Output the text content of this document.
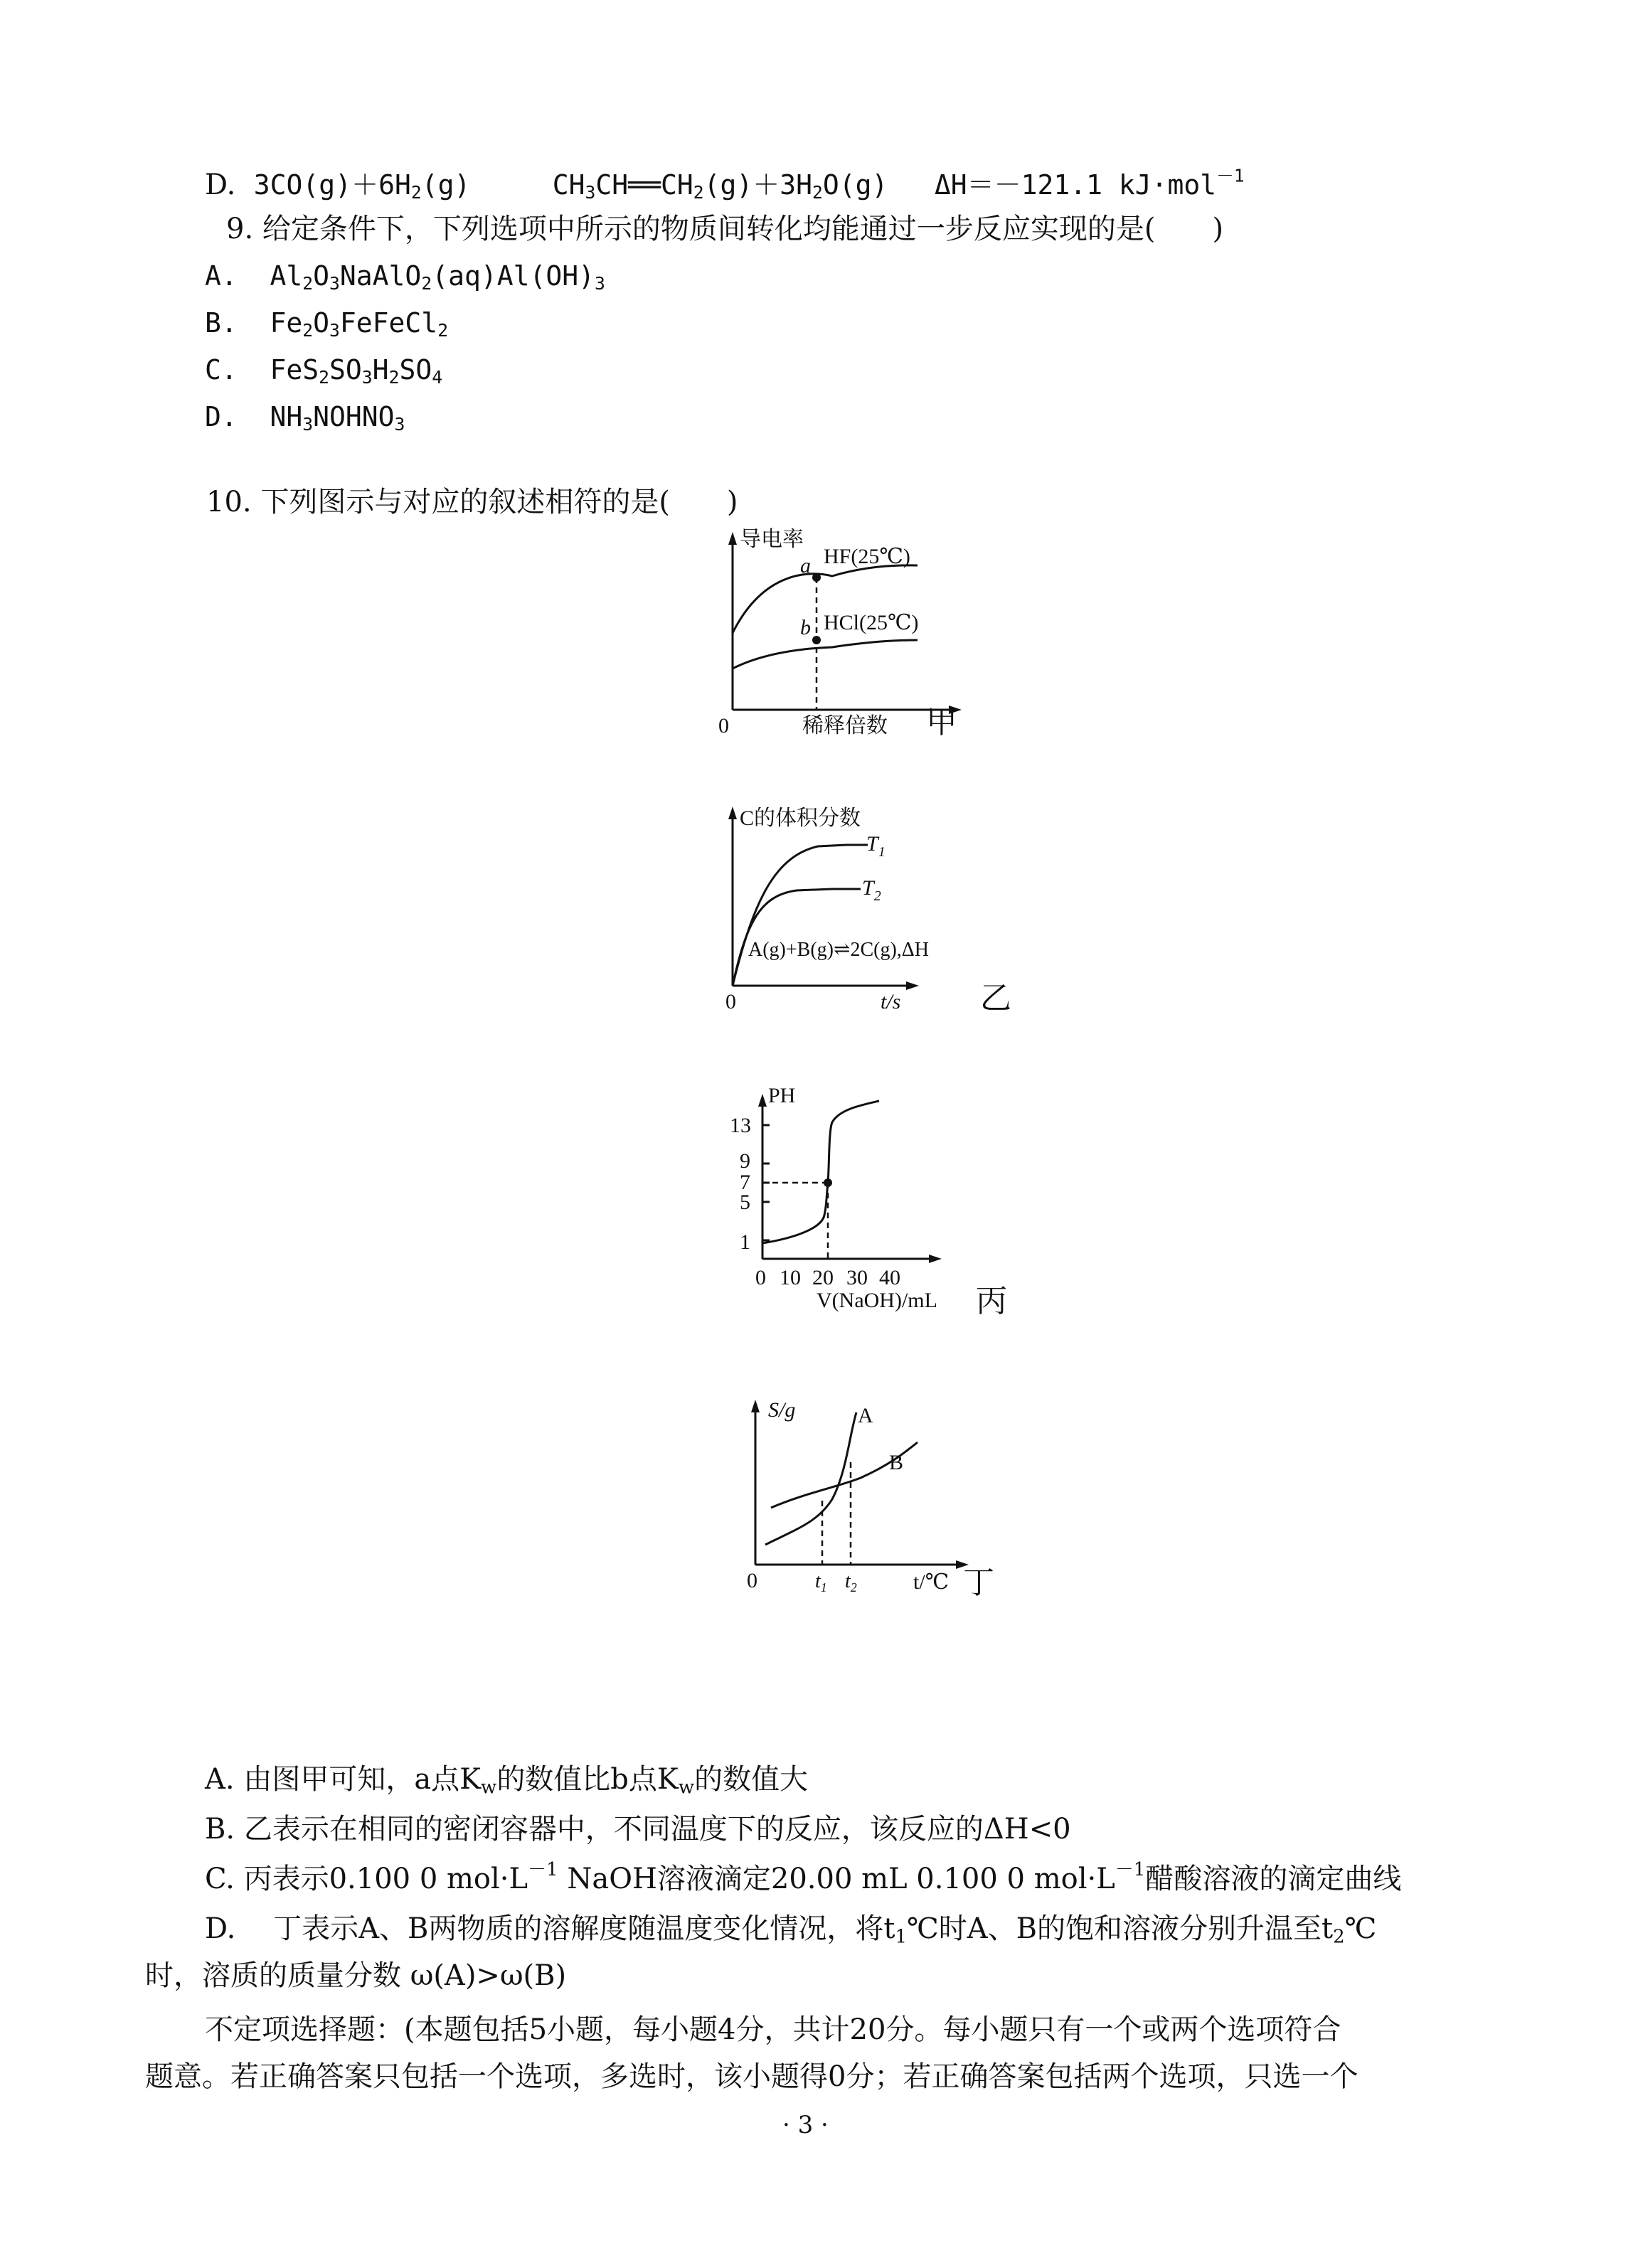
D. $3CO(g)+6H_2(g)$	$CH_3CH══CH_2(g)+3H_2O(g)$ ΔH＝－121.1 kJ·mol$^{-1}$
9. 给定条件下，下列选项中所示的物质间转化均能通过一步反应实现的是(　　)
A.  $Al_2O_3NaAlO_2(aq)Al(OH)_3$
B.  $Fe_2O_3FeFeCl_2$
C.  $FeS_2SO_3H_2SO_4$
D.  $NH_3NOHNO_3$
10. 下列图示与对应的叙述相符的是(　　)
导电率
a HF(25℃)
b HCl(25℃)
0	稀释倍数 甲
C的体积分数
$T_1$
$T_2$
A(g)+B(g)⇌2C(g),ΔH
0	t/s	乙
PH
13
9
7
5
1
0 10 20 30 40
V(NaOH)/mL 丙
S/g	A
B
0	$t_1$ $t_2$	t/℃ 丁
A. 由图甲可知，a点$K_w$的数值比b点$K_w$的数值大
B. 乙表示在相同的密闭容器中，不同温度下的反应，该反应的ΔH<0
C. 丙表示0.100 0 $mol\cdot L^{-1}$ NaOH溶液滴定20.00 mL 0.100 0 $mol\cdot L^{-1}$醋酸溶液的滴定曲线
D.　 丁表示A、B两物质的溶解度随温度变化情况，将$t_1℃$时A、B的饱和溶液分别升温至$t_2℃$
时，溶质的质量分数 ω(A)>ω(B)
不定项选择题：(本题包括5小题，每小题4分，共计20分。每小题只有一个或两个选项符合
题意。若正确答案只包括一个选项，多选时，该小题得0分；若正确答案包括两个选项，只选一个
· 3 ·
